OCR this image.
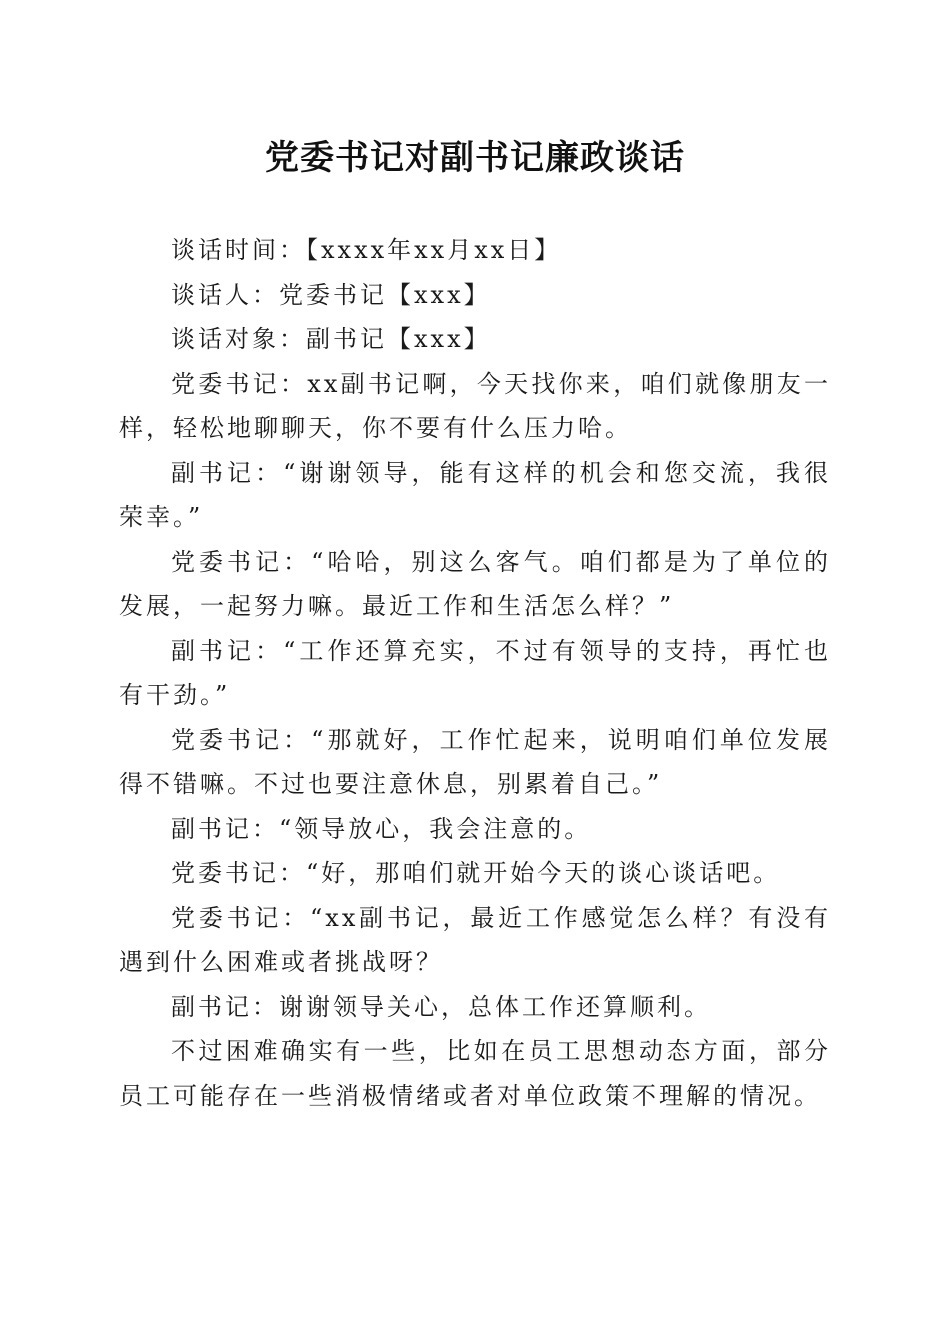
党委书记对副书记廉政谈话

谈话时间：【xxxx年xx月xx日】

谈话人：党委书记【xxx】

谈话对象：副书记【xxx】

党委书记：xx副书记啊，今天找你来，咱们就像朋友一样，轻松地聊聊天，你不要有什么压力哈。

副书记：“谢谢领导，能有这样的机会和您交流，我很荣幸。”

党委书记：“哈哈，别这么客气。咱们都是为了单位的发展，一起努力嘛。最近工作和生活怎么样？”

副书记：“工作还算充实，不过有领导的支持，再忙也有干劲。”

党委书记：“那就好，工作忙起来，说明咱们单位发展得不错嘛。不过也要注意休息，别累着自己。”

副书记：“领导放心，我会注意的。

党委书记：“好，那咱们就开始今天的谈心谈话吧。

党委书记：“xx副书记，最近工作感觉怎么样？有没有遇到什么困难或者挑战呀？

副书记：谢谢领导关心，总体工作还算顺利。

不过困难确实有一些，比如在员工思想动态方面，部分员工可能存在一些消极情绪或者对单位政策不理解的情况。
